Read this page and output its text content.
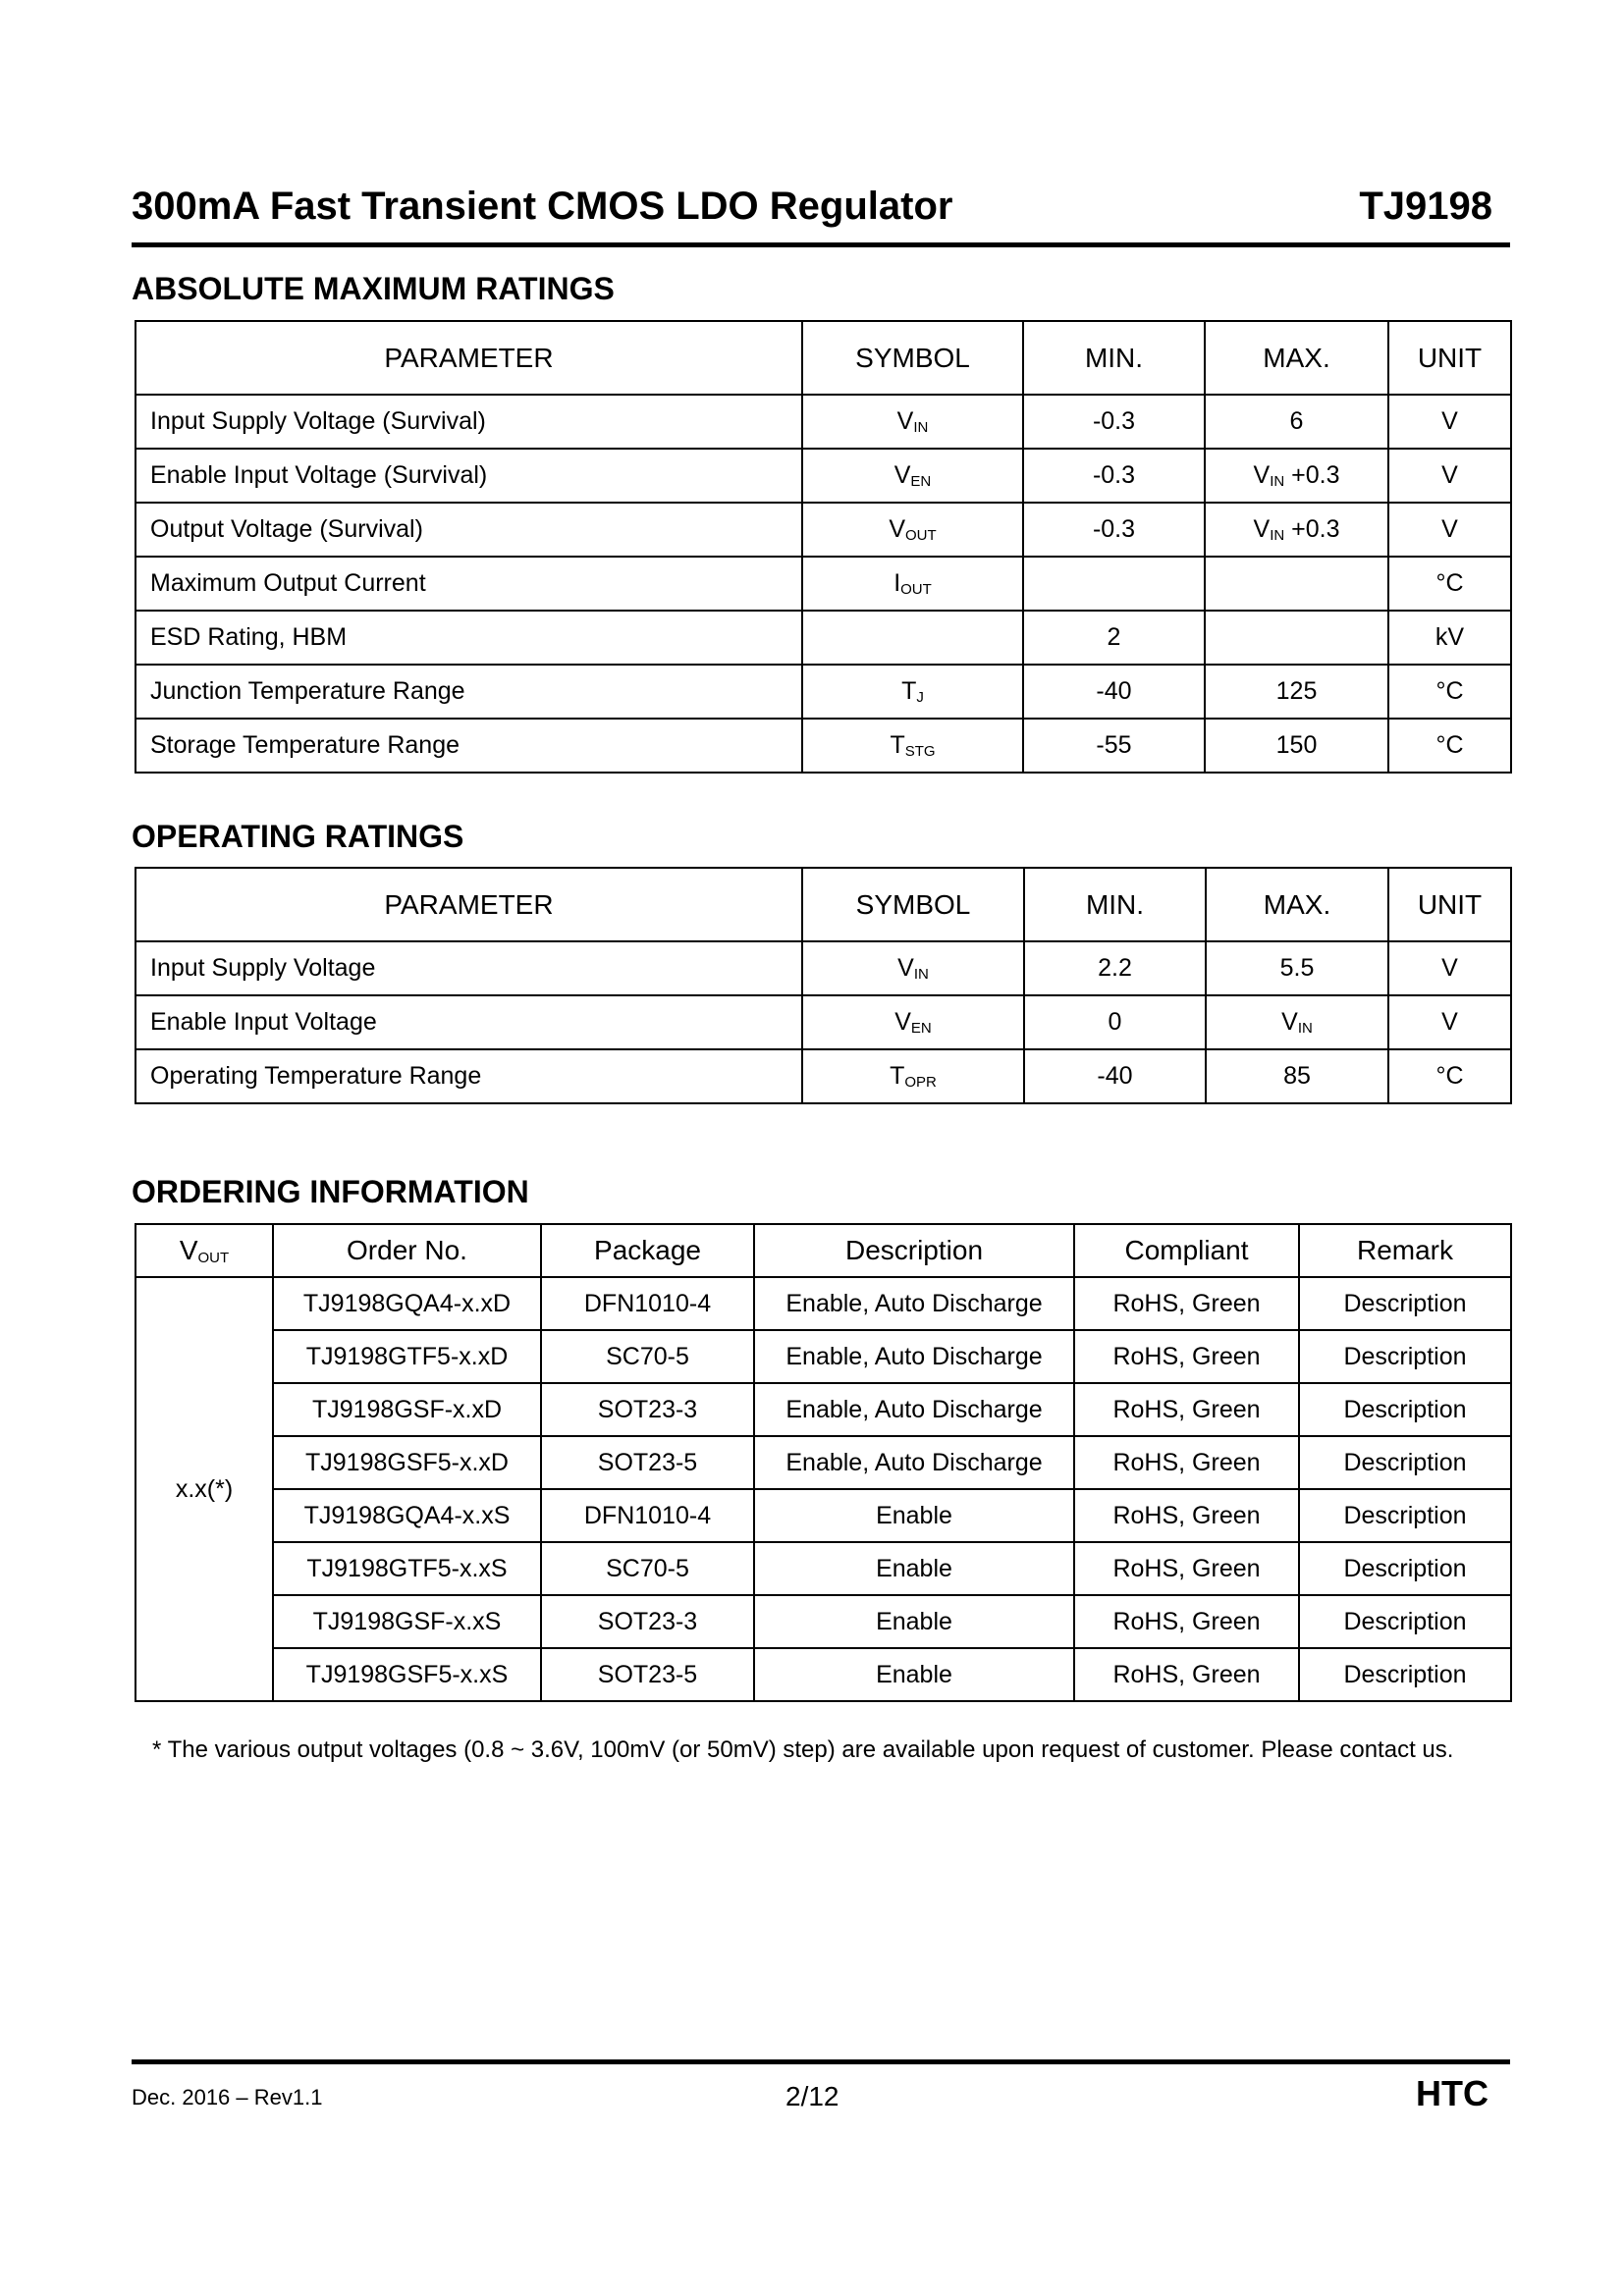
300mA Fast Transient CMOS LDO Regulator	TJ9198
ABSOLUTE MAXIMUM RATINGS
PARAMETER	SYMBOL	MIN.	MAX.	UNIT
Input Supply Voltage (Survival)	$V_{IN}$	-0.3	6	V
Enable Input Voltage (Survival)	$V_{EN}$	-0.3	$V_{IN} +0.3$	V
Output Voltage (Survival)	$V_{OUT}$	-0.3	$V_{IN} +0.3$	V
Maximum Output Current	$I_{OUT}$			°C
ESD Rating, HBM		2		kV
Junction Temperature Range	$T_J$	-40	125	°C
Storage Temperature Range	$T_{STG}$	-55	150	°C
OPERATING RATINGS
PARAMETER	SYMBOL	MIN.	MAX.	UNIT
Input Supply Voltage	$V_{IN}$	2.2	5.5	V
Enable Input Voltage	$V_{EN}$	0	$V_{IN}$	V
Operating Temperature Range	$T_{OPR}$	-40	85	°C
ORDERING INFORMATION
$V_{OUT}$	Order No.	Package	Description	Compliant	Remark
x.x(*)	TJ9198GQA4-x.xD	DFN1010-4	Enable, Auto Discharge	RoHS, Green	Description
	TJ9198GTF5-x.xD	SC70-5	Enable, Auto Discharge	RoHS, Green	Description
	TJ9198GSF-x.xD	SOT23-3	Enable, Auto Discharge	RoHS, Green	Description
	TJ9198GSF5-x.xD	SOT23-5	Enable, Auto Discharge	RoHS, Green	Description
	TJ9198GQA4-x.xS	DFN1010-4	Enable	RoHS, Green	Description
	TJ9198GTF5-x.xS	SC70-5	Enable	RoHS, Green	Description
	TJ9198GSF-x.xS	SOT23-3	Enable	RoHS, Green	Description
	TJ9198GSF5-x.xS	SOT23-5	Enable	RoHS, Green	Description
* The various output voltages (0.8 ~ 3.6V, 100mV (or 50mV) step) are available upon request of customer. Please contact us.
Dec. 2016 – Rev1.1	2/12	HTC
